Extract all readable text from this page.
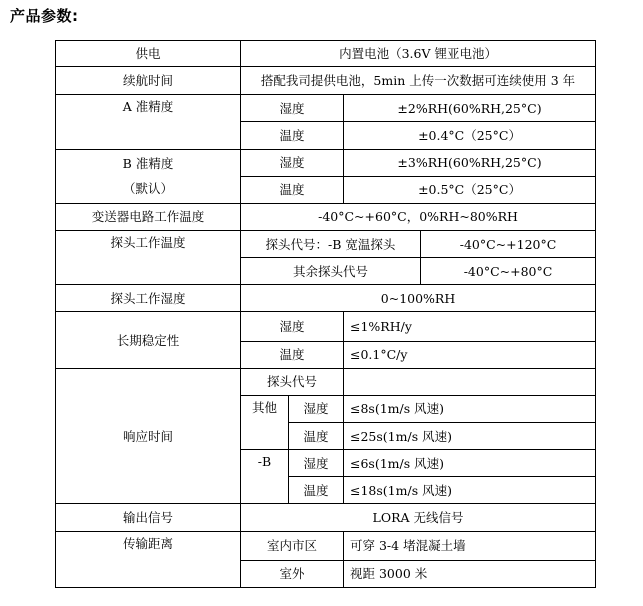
产品参数:
供电	内置电池（3.6V 锂亚电池）			
续航时间	搭配我司提供电池，5min 上传一次数据可连续使用 3 年			
A 准精度	湿度		±2%RH(60%RH,25°C)	
	温度		±0.4°C（25°C）	

B 准精度
（默认）	湿度		±3%RH(60%RH,25°C)	
	温度		±0.5°C（25°C）	
变送器电路工作温度	-40°C~+60°C，0%RH~80%RH			
探头工作温度	探头代号：-B 宽温探头			-40°C~+120°C
	其余探头代号			-40°C~+80°C
探头工作湿度	0~100%RH			
长期稳定性	湿度		≤1%RH/y	
	温度		≤0.1°C/y	
响应时间	探头代号			
	其他	湿度	≤8s(1m/s 风速)	
		温度	≤25s(1m/s 风速)	
	-B	湿度	≤6s(1m/s 风速)	
		温度	≤18s(1m/s 风速)	
输出信号	LORA 无线信号			
传输距离	室内市区		可穿 3-4 堵混凝土墙	
	室外		视距 3000 米	
